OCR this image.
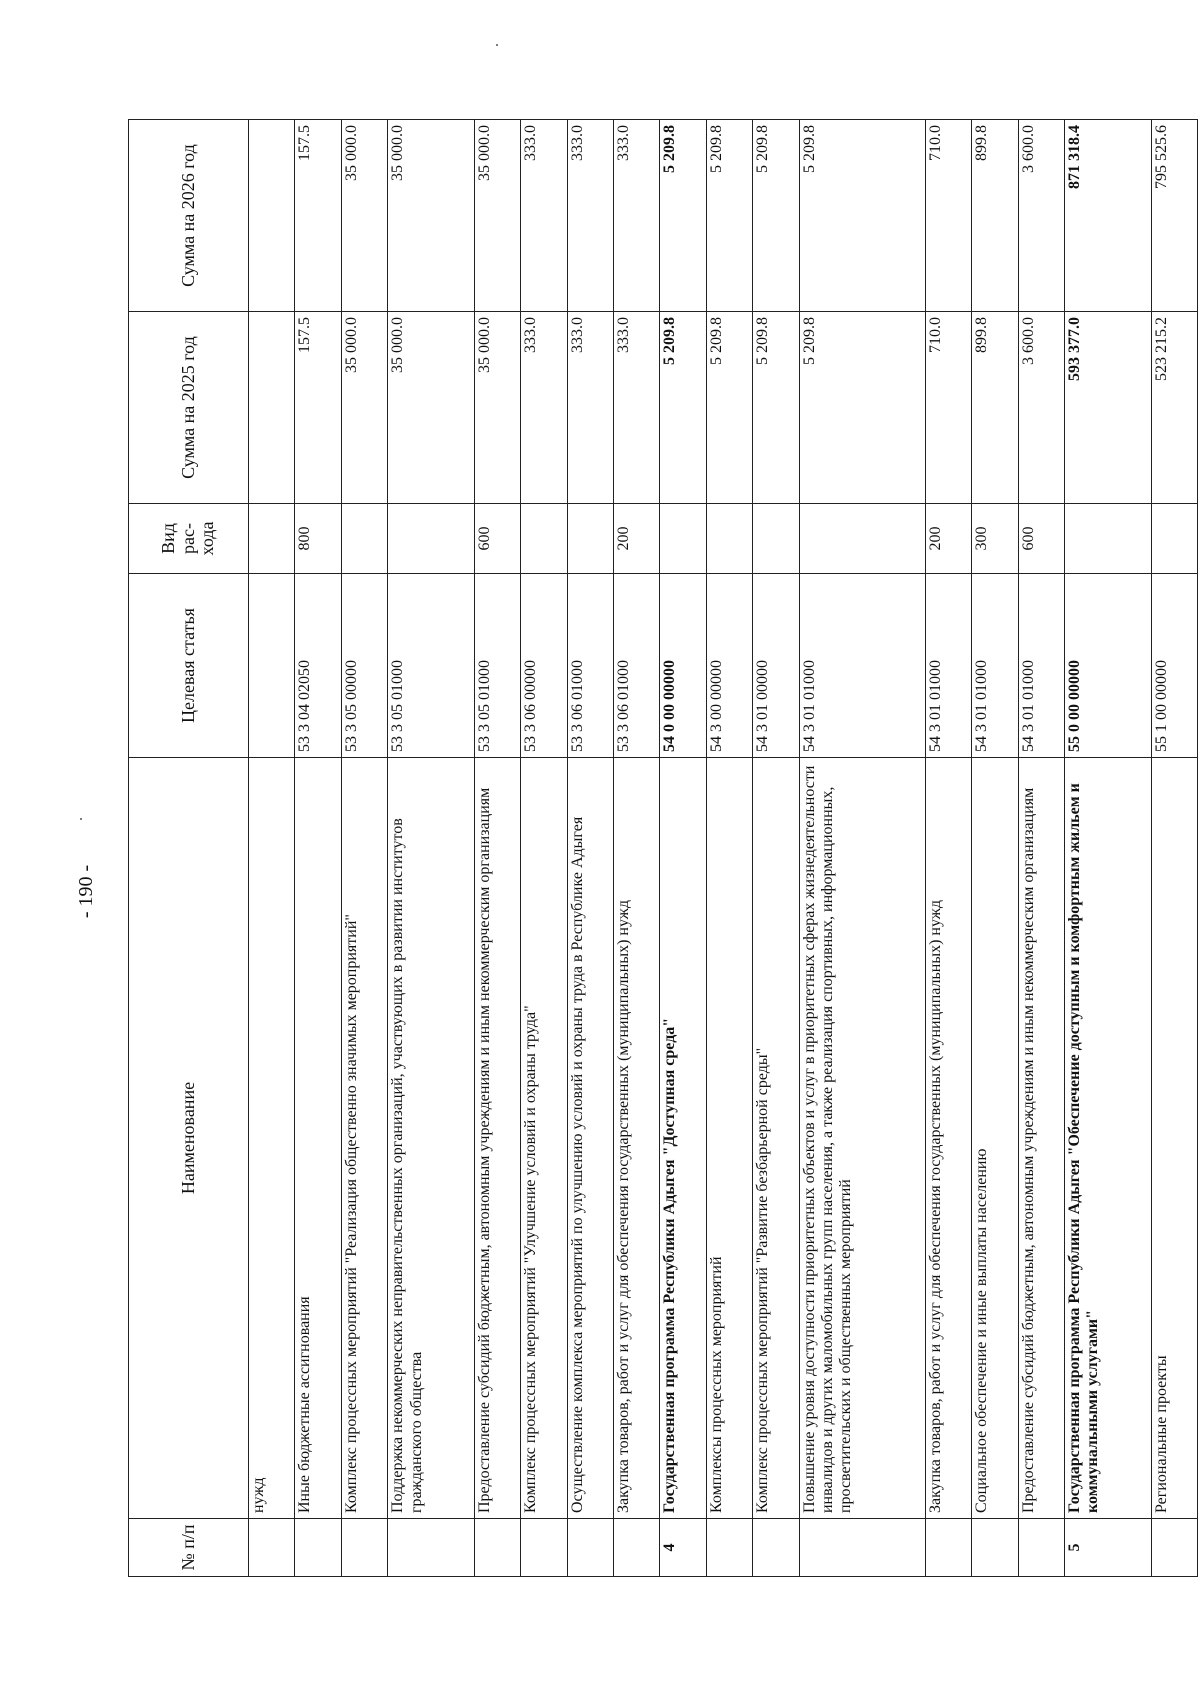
- 190 -
№ п/п	Наименование	Целевая статья	Вид рас-хода	Сумма на 2025 год	Сумма на 2026 год
	нужд				
	Иные бюджетные ассигнования	53 3 04 02050	800	157.5	157.5
	Комплекс процессных мероприятий "Реализация общественно значимых мероприятий"	53 3 05 00000		35 000.0	35 000.0
	Поддержка некоммерческих неправительственных организаций, участвующих в развитии институтов гражданского общества	53 3 05 01000		35 000.0	35 000.0
	Предоставление субсидий бюджетным, автономным учреждениям и иным некоммерческим организациям	53 3 05 01000	600	35 000.0	35 000.0
	Комплекс процессных мероприятий "Улучшение условий и охраны труда"	53 3 06 00000		333.0	333.0
	Осуществление комплекса мероприятий по улучшению условий и охраны труда в Республике Адыгея	53 3 06 01000		333.0	333.0
	Закупка товаров, работ и услуг для обеспечения государственных (муниципальных) нужд	53 3 06 01000	200	333.0	333.0
4	Государственная программа Республики Адыгея "Доступная среда"	54 0 00 00000		5 209.8	5 209.8
	Комплексы процессных мероприятий	54 3 00 00000		5 209.8	5 209.8
	Комплекс процессных мероприятий "Развитие безбарьерной среды"	54 3 01 00000		5 209.8	5 209.8
	Повышение уровня доступности приоритетных объектов и услуг в приоритетных сферах жизнедеятельности инвалидов и других маломобильных групп населения, а также реализация спортивных, информационных, просветительских и общественных мероприятий	54 3 01 01000		5 209.8	5 209.8
	Закупка товаров, работ и услуг для обеспечения государственных (муниципальных) нужд	54 3 01 01000	200	710.0	710.0
	Социальное обеспечение и иные выплаты населению	54 3 01 01000	300	899.8	899.8
	Предоставление субсидий бюджетным, автономным учреждениям и иным некоммерческим организациям	54 3 01 01000	600	3 600.0	3 600.0
5	Государственная программа Республики Адыгея "Обеспечение доступным и комфортным жильем и коммунальными услугами"	55 0 00 00000		593 377.0	871 318.4
	Региональные проекты	55 1 00 00000		523 215.2	795 525.6
